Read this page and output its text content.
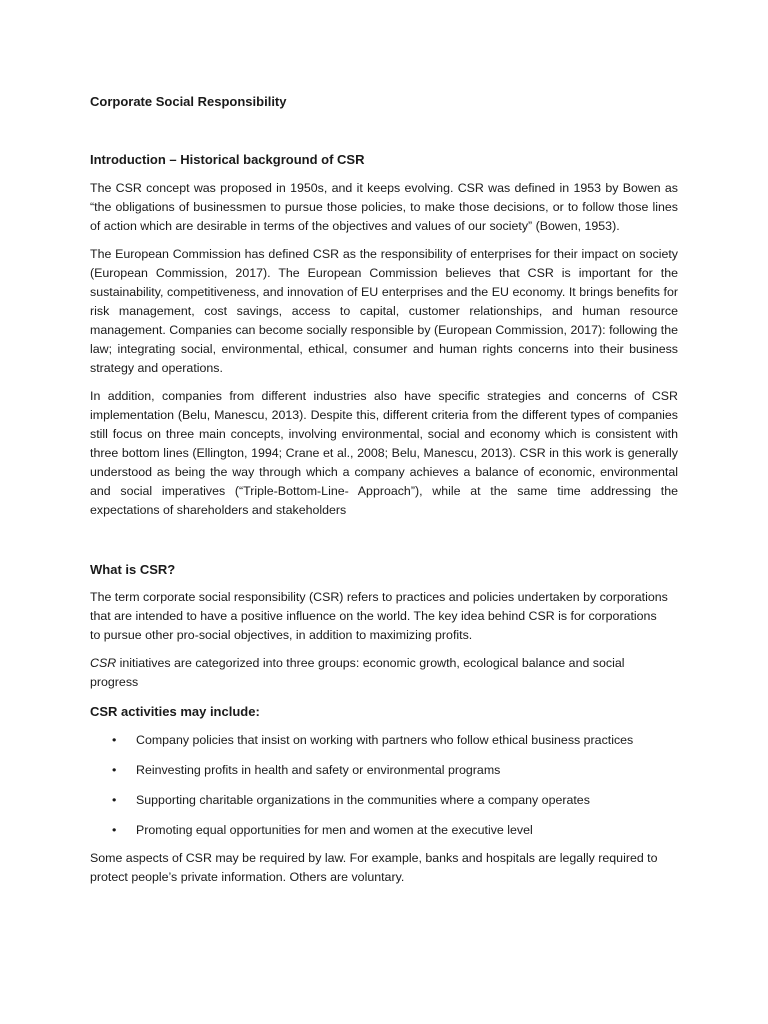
Corporate Social Responsibility

Introduction – Historical background of CSR

The CSR concept was proposed in 1950s, and it keeps evolving. CSR was defined in 1953 by Bowen as “the obligations of businessmen to pursue those policies, to make those decisions, or to follow those lines of action which are desirable in terms of the objectives and values of our society” (Bowen, 1953).

The European Commission has defined CSR as the responsibility of enterprises for their impact on society (European Commission, 2017). The European Commission believes that CSR is important for the sustainability, competitiveness, and innovation of EU enterprises and the EU economy. It brings benefits for risk management, cost savings, access to capital, customer relationships, and human resource management. Companies can become socially responsible by (European Commission, 2017): following the law; integrating social, environmental, ethical, consumer and human rights concerns into their business strategy and operations.

In addition, companies from different industries also have specific strategies and concerns of CSR implementation (Belu, Manescu, 2013). Despite this, different criteria from the different types of companies still focus on three main concepts, involving environmental, social and economy which is consistent with three bottom lines (Ellington, 1994; Crane et al., 2008; Belu, Manescu, 2013). CSR in this work is generally understood as being the way through which a company achieves a balance of economic, environmental and social imperatives (“Triple-Bottom-Line- Approach”), while at the same time addressing the expectations of shareholders and stakeholders

What is CSR?

The term corporate social responsibility (CSR) refers to practices and policies undertaken by corporations that are intended to have a positive influence on the world. The key idea behind CSR is for corporations to pursue other pro-social objectives, in addition to maximizing profits.

CSR initiatives are categorized into three groups: economic growth, ecological balance and social progress

CSR activities may include:

• Company policies that insist on working with partners who follow ethical business practices
• Reinvesting profits in health and safety or environmental programs
• Supporting charitable organizations in the communities where a company operates
• Promoting equal opportunities for men and women at the executive level

Some aspects of CSR may be required by law. For example, banks and hospitals are legally required to protect people’s private information. Others are voluntary.
